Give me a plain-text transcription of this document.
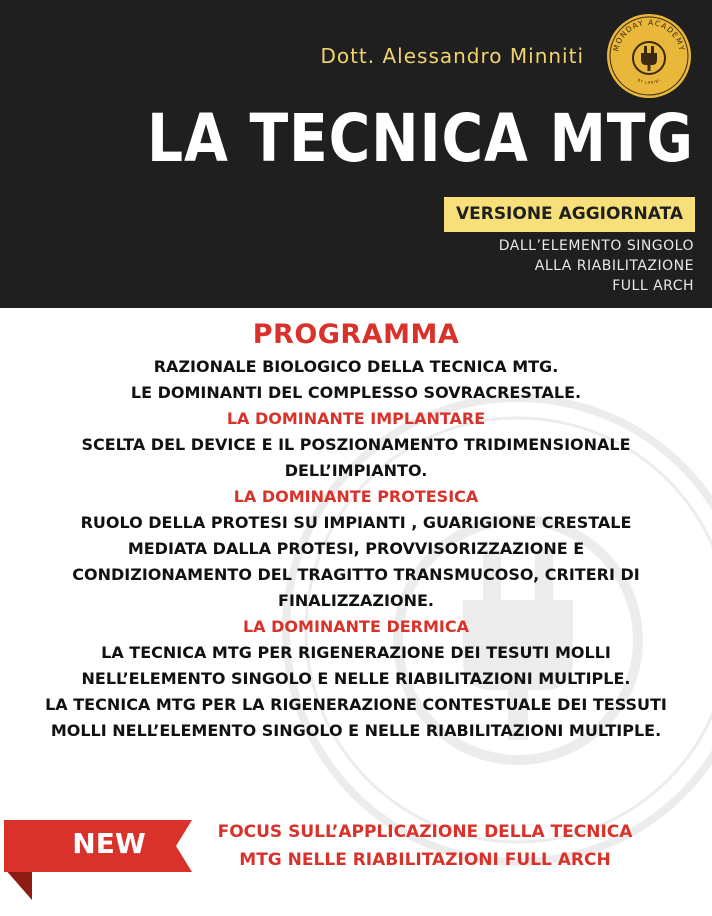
Dott. Alessandro Minniti	MONDAY ACADEMY
BY LARIBI
LA TECNICA MTG
VERSIONE AGGIORNATA
DALL’ELEMENTO SINGOLO
ALLA RIABILITAZIONE
FULL ARCH
PROGRAMMA
RAZIONALE BIOLOGICO DELLA TECNICA MTG.
LE DOMINANTI DEL COMPLESSO SOVRACRESTALE.
LA DOMINANTE IMPLANTARE
SCELTA DEL DEVICE E IL POSZIONAMENTO TRIDIMENSIONALE
DELL’IMPIANTO.
LA DOMINANTE PROTESICA
RUOLO DELLA PROTESI SU IMPIANTI , GUARIGIONE CRESTALE
MEDIATA DALLA PROTESI, PROVVISORIZZAZIONE E
CONDIZIONAMENTO DEL TRAGITTO TRANSMUCOSO, CRITERI DI
FINALIZZAZIONE.
LA DOMINANTE DERMICA
LA TECNICA MTG PER RIGENERAZIONE DEI TESUTI MOLLI
NELL’ELEMENTO SINGOLO E NELLE RIABILITAZIONI MULTIPLE.
LA TECNICA MTG PER LA RIGENERAZIONE CONTESTUALE DEI TESSUTI
MOLLI NELL’ELEMENTO SINGOLO E NELLE RIABILITAZIONI MULTIPLE.
NEW	FOCUS SULL’APPLICAZIONE DELLA TECNICA
MTG NELLE RIABILITAZIONI FULL ARCH
